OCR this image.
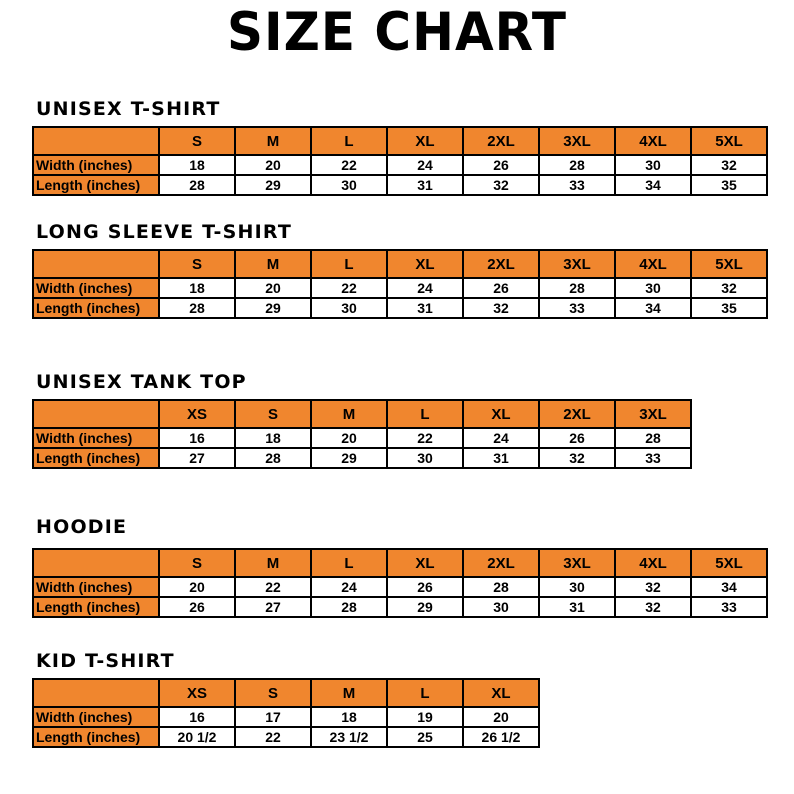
SIZE CHART
UNISEX T-SHIRT
	S	M	L	XL	2XL	3XL	4XL	5XL
Width (inches)	18	20	22	24	26	28	30	32
Length (inches)	28	29	30	31	32	33	34	35
LONG SLEEVE T-SHIRT
	S	M	L	XL	2XL	3XL	4XL	5XL
Width (inches)	18	20	22	24	26	28	30	32
Length (inches)	28	29	30	31	32	33	34	35
UNISEX TANK TOP
	XS	S	M	L	XL	2XL	3XL
Width (inches)	16	18	20	22	24	26	28
Length (inches)	27	28	29	30	31	32	33
HOODIE
	S	M	L	XL	2XL	3XL	4XL	5XL
Width (inches)	20	22	24	26	28	30	32	34
Length (inches)	26	27	28	29	30	31	32	33
KID T-SHIRT
	XS	S	M	L	XL
Width (inches)	16	17	18	19	20
Length (inches)	20 1/2	22	23 1/2	25	26 1/2
